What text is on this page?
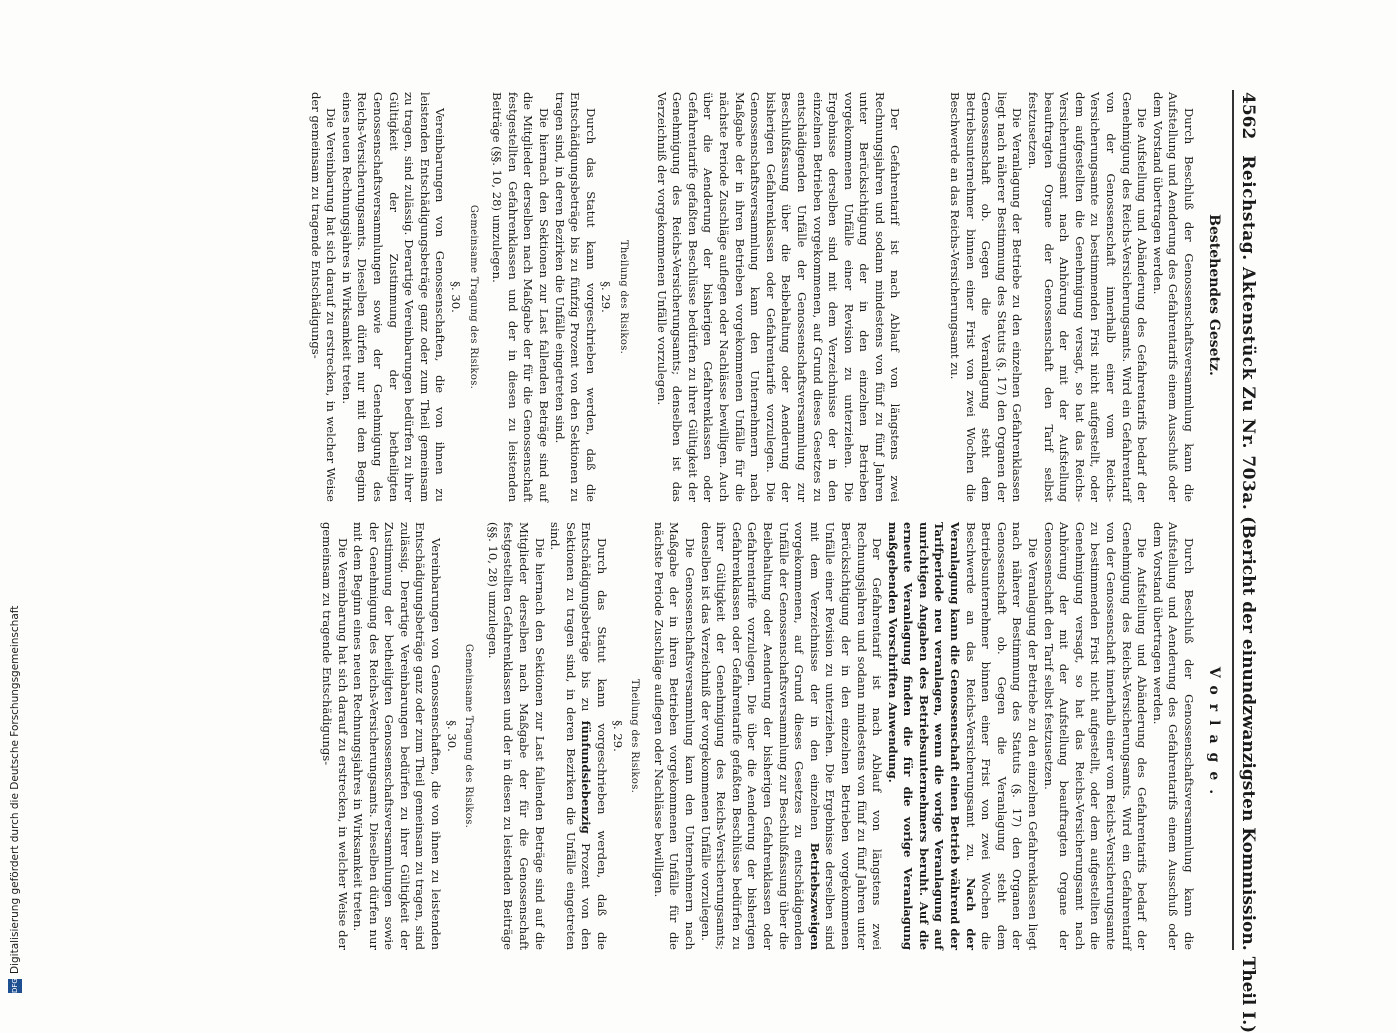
4562 Reichstag. Aktenstück Zu Nr. 703a. (Bericht der einundzwanzigsten Kommission. Theil I.)
Bestehendes Gesetz.
Vorlage.

Durch Beschluß der Genossenschaftsversammlung kann die Aufstellung und Aenderung des Gefahrentarifs einem Ausschuß oder dem Vorstand übertragen werden.

Die Aufstellung und Abänderung des Gefahrentarifs bedarf der Genehmigung des Reichs-Versicherungsamts. Wird ein Gefahrentarif von der Genossenschaft innerhalb einer vom Reichs-Versicherungsamte zu bestimmenden Frist nicht aufgestellt, oder dem aufgestellten die Genehmigung versagt, so hat das Reichs-Versicherungsamt nach Anhörung der mit der Aufstellung beauftragten Organe der Genossenschaft den Tarif selbst festzusetzen.

Die Veranlagung der Betriebe zu den einzelnen Gefahrenklassen liegt nach näherer Bestimmung des Statuts (§. 17) den Organen der Genossenschaft ob. Gegen die Veranlagung steht dem Betriebsunternehmer binnen einer Frist von zwei Wochen die Beschwerde an das Reichs-Versicherungsamt zu.

Der Gefahrentarif ist nach Ablauf von längstens zwei Rechnungsjahren und sodann mindestens von fünf zu fünf Jahren unter Berücksichtigung der in den einzelnen Betrieben vorgekommenen Unfälle einer Revision zu unterziehen. Die Ergebnisse derselben sind mit dem Verzeichnisse der in den einzelnen Betrieben vorgekommenen, auf Grund dieses Gesetzes zu entschädigenden Unfälle der Genossenschaftsversammlung zur Beschlußfassung über die Beibehaltung oder Aenderung der bisherigen Gefahrenklassen oder Gefahrentarife vorzulegen. Die Genossenschaftsversammlung kann den Unternehmern nach Maßgabe der in ihren Betrieben vorgekommenen Unfälle für die nächste Periode Zuschläge auflegen oder Nachlässe bewilligen. Auch über die Aenderung der bisherigen Gefahrenklassen oder Gefahrentarife gefaßten Beschlüsse bedürfen zu ihrer Gültigkeit der Genehmigung des Reichs-Versicherungsamts; denselben ist das Verzeichniß der vorgekommenen Unfälle vorzulegen.

Theilung des Risikos.

§. 29.

Durch das Statut kann vorgeschrieben werden, daß die Entschädigungsbeträge bis zu fünfzig Prozent von den Sektionen zu tragen sind, in deren Bezirken die Unfälle eingetreten sind.

Die hiernach den Sektionen zur Last fallenden Beträge sind auf die Mitglieder derselben nach Maßgabe der für die Genossenschaft festgestellten Gefahrenklassen und der in diesen zu leistenden Beiträge (§§. 10, 28) umzulegen.

Gemeinsame Tragung des Risikos.

§. 30.

Vereinbarungen von Genossenschaften, die von ihnen zu leistenden Entschädigungsbeträge ganz oder zum Theil gemeinsam zu tragen, sind zulässig. Derartige Vereinbarungen bedürfen zu ihrer Gültigkeit der Zustimmung der betheiligten Genossenschaftsversammlungen sowie der Genehmigung des Reichs-Versicherungsamts. Dieselben dürfen nur mit dem Beginn eines neuen Rechnungsjahres in Wirksamkeit treten.

Die Vereinbarung hat sich darauf zu erstrecken, in welcher Weise der gemeinsam zu tragende Entschädigungs-

Durch Beschluß der Genossenschaftsversammlung kann die Aufstellung und Aenderung des Gefahrentarifs einem Ausschuß oder dem Vorstand übertragen werden.

Die Aufstellung und Abänderung des Gefahrentarifs bedarf der Genehmigung des Reichs-Versicherungsamts. Wird ein Gefahrentarif von der Genossenschaft innerhalb einer vom Reichs-Versicherungsamte zu bestimmenden Frist nicht aufgestellt, oder dem aufgestellten die Genehmigung versagt, so hat das Reichs-Versicherungsamt nach Anhörung der mit der Aufstellung beauftragten Organe der Genossenschaft den Tarif selbst festzusetzen.

Die Veranlagung der Betriebe zu den einzelnen Gefahrenklassen liegt nach näherer Bestimmung des Statuts (§. 17) den Organen der Genossenschaft ob. Gegen die Veranlagung steht dem Betriebsunternehmer binnen einer Frist von zwei Wochen die Beschwerde an das Reichs-Versicherungsamt zu. Nach der Veranlagung kann die Genossenschaft einen Betrieb während der Tarifperiode neu veranlagen, wenn die vorige Veranlagung auf unrichtigen Angaben des Betriebsunternehmers beruht. Auf die erneute Veranlagung finden die für die vorige Veranlagung maßgebenden Vorschriften Anwendung.

Der Gefahrentarif ist nach Ablauf von längstens zwei Rechnungsjahren und sodann mindestens von fünf zu fünf Jahren unter Berücksichtigung der in den einzelnen Betrieben vorgekommenen Unfälle einer Revision zu unterziehen. Die Ergebnisse derselben sind mit dem Verzeichnisse der in den einzelnen Betriebszweigen vorgekommenen, auf Grund dieses Gesetzes zu entschädigenden Unfälle der Genossenschaftsversammlung zur Beschlußfassung über die Beibehaltung oder Aenderung der bisherigen Gefahrenklassen oder Gefahrentarife vorzulegen. Die über die Aenderung der bisherigen Gefahrenklassen oder Gefahrentarife gefaßten Beschlüsse bedürfen zu ihrer Gültigkeit der Genehmigung des Reichs-Versicherungsamts; denselben ist das Verzeichniß der vorgekommenen Unfälle vorzulegen.

Die Genossenschaftsversammlung kann den Unternehmern nach Maßgabe der in ihren Betrieben vorgekommenen Unfälle für die nächste Periode Zuschläge auflegen oder Nachlässe bewilligen.

Theilung des Risikos.

§. 29.

Durch das Statut kann vorgeschrieben werden, daß die Entschädigungsbeträge bis zu fünfundsiebenzig Prozent von den Sektionen zu tragen sind, in deren Bezirken die Unfälle eingetreten sind.

Die hiernach den Sektionen zur Last fallenden Beträge sind auf die Mitglieder derselben nach Maßgabe der für die Genossenschaft festgestellten Gefahrenklassen und der in diesen zu leistenden Beiträge (§§. 10, 28) umzulegen.

Gemeinsame Tragung des Risikos.

§. 30.

Vereinbarungen von Genossenschaften, die von ihnen zu leistenden Entschädigungsbeträge ganz oder zum Theil gemeinsam zu tragen, sind zulässig. Derartige Vereinbarungen bedürfen zu ihrer Gültigkeit der Zustimmung der betheiligten Genossenschaftsversammlungen sowie der Genehmigung des Reichs-Versicherungsamts. Dieselben dürfen nur mit dem Beginn eines neuen Rechnungsjahres in Wirksamkeit treten.

Die Vereinbarung hat sich darauf zu erstrecken, in welcher Weise der gemeinsam zu tragende Entschädigungs-

DFGDigitalisierung gefördert durch die Deutsche Forschungsgemeinschaft
